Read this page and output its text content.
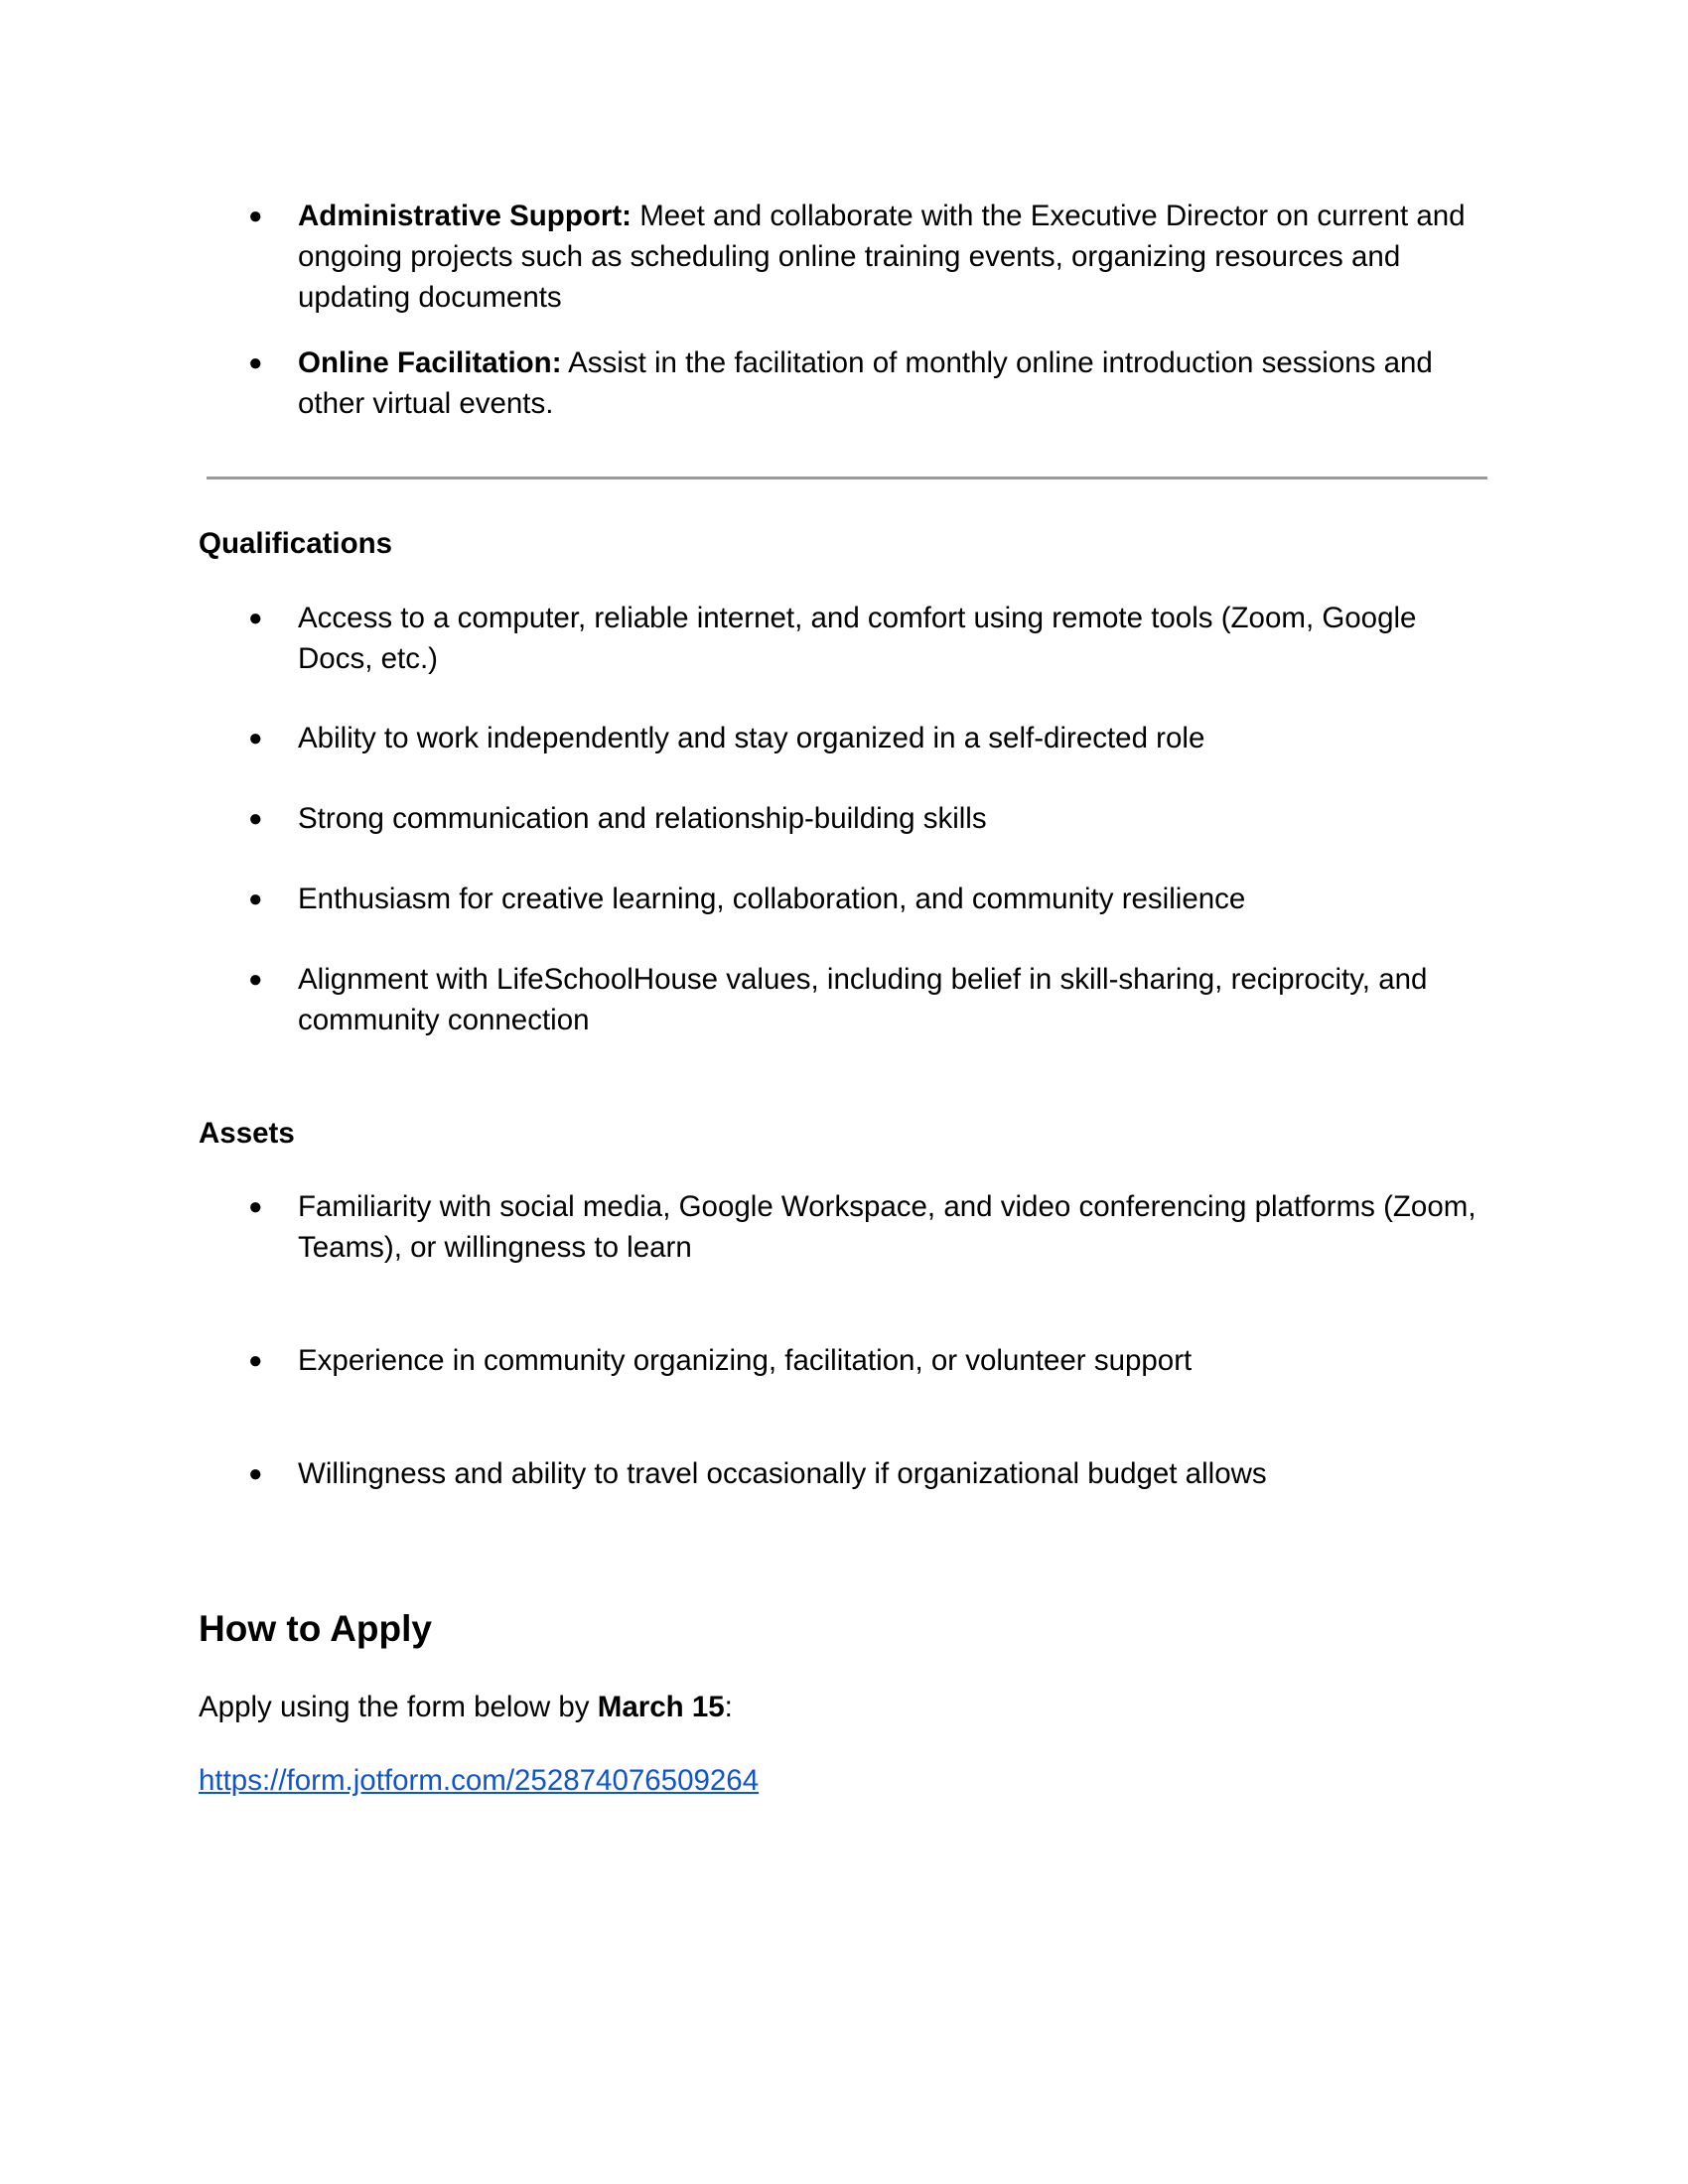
● Administrative Support: Meet and collaborate with the Executive Director on current and ongoing projects such as scheduling online training events, organizing resources and updating documents
● Online Facilitation: Assist in the facilitation of monthly online introduction sessions and other virtual events.
Qualifications
● Access to a computer, reliable internet, and comfort using remote tools (Zoom, Google Docs, etc.)
● Ability to work independently and stay organized in a self-directed role
● Strong communication and relationship-building skills
● Enthusiasm for creative learning, collaboration, and community resilience
● Alignment with LifeSchoolHouse values, including belief in skill-sharing, reciprocity, and community connection
Assets
● Familiarity with social media, Google Workspace, and video conferencing platforms (Zoom, Teams), or willingness to learn
● Experience in community organizing, facilitation, or volunteer support
● Willingness and ability to travel occasionally if organizational budget allows
How to Apply

Apply using the form below by March 15:

https://form.jotform.com/252874076509264
